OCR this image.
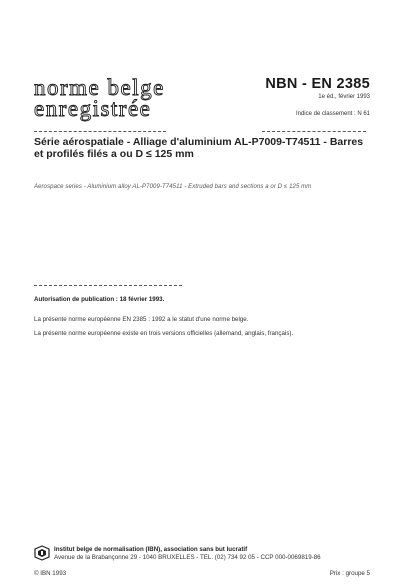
norme belge
enregistrée
NBN - EN 2385
1e éd., février 1993
Indice de classement : N 61
Série aérospatiale - Alliage d'aluminium AL-P7009-T74511 - Barres
et profilés filés a ou D ≤ 125 mm
Aerospace series - Aluminium alloy AL-P7009-T74511 - Extruded bars and sections a or D ≤ 125 mm
Autorisation de publication : 18 février 1993.
La présente norme européenne EN 2385 : 1992 a le statut d'une norme belge.
La présente norme européenne existe en trois versions officielles (allemand, anglais, français).
Institut belge de normalisation (IBN), association sans but lucratif
Avenue de la Brabançonne 29 - 1040 BRUXELLES - TEL. (02) 734 92 05 - CCP 000-0069819-86
© IBN 1993	Prix : groupe 5
